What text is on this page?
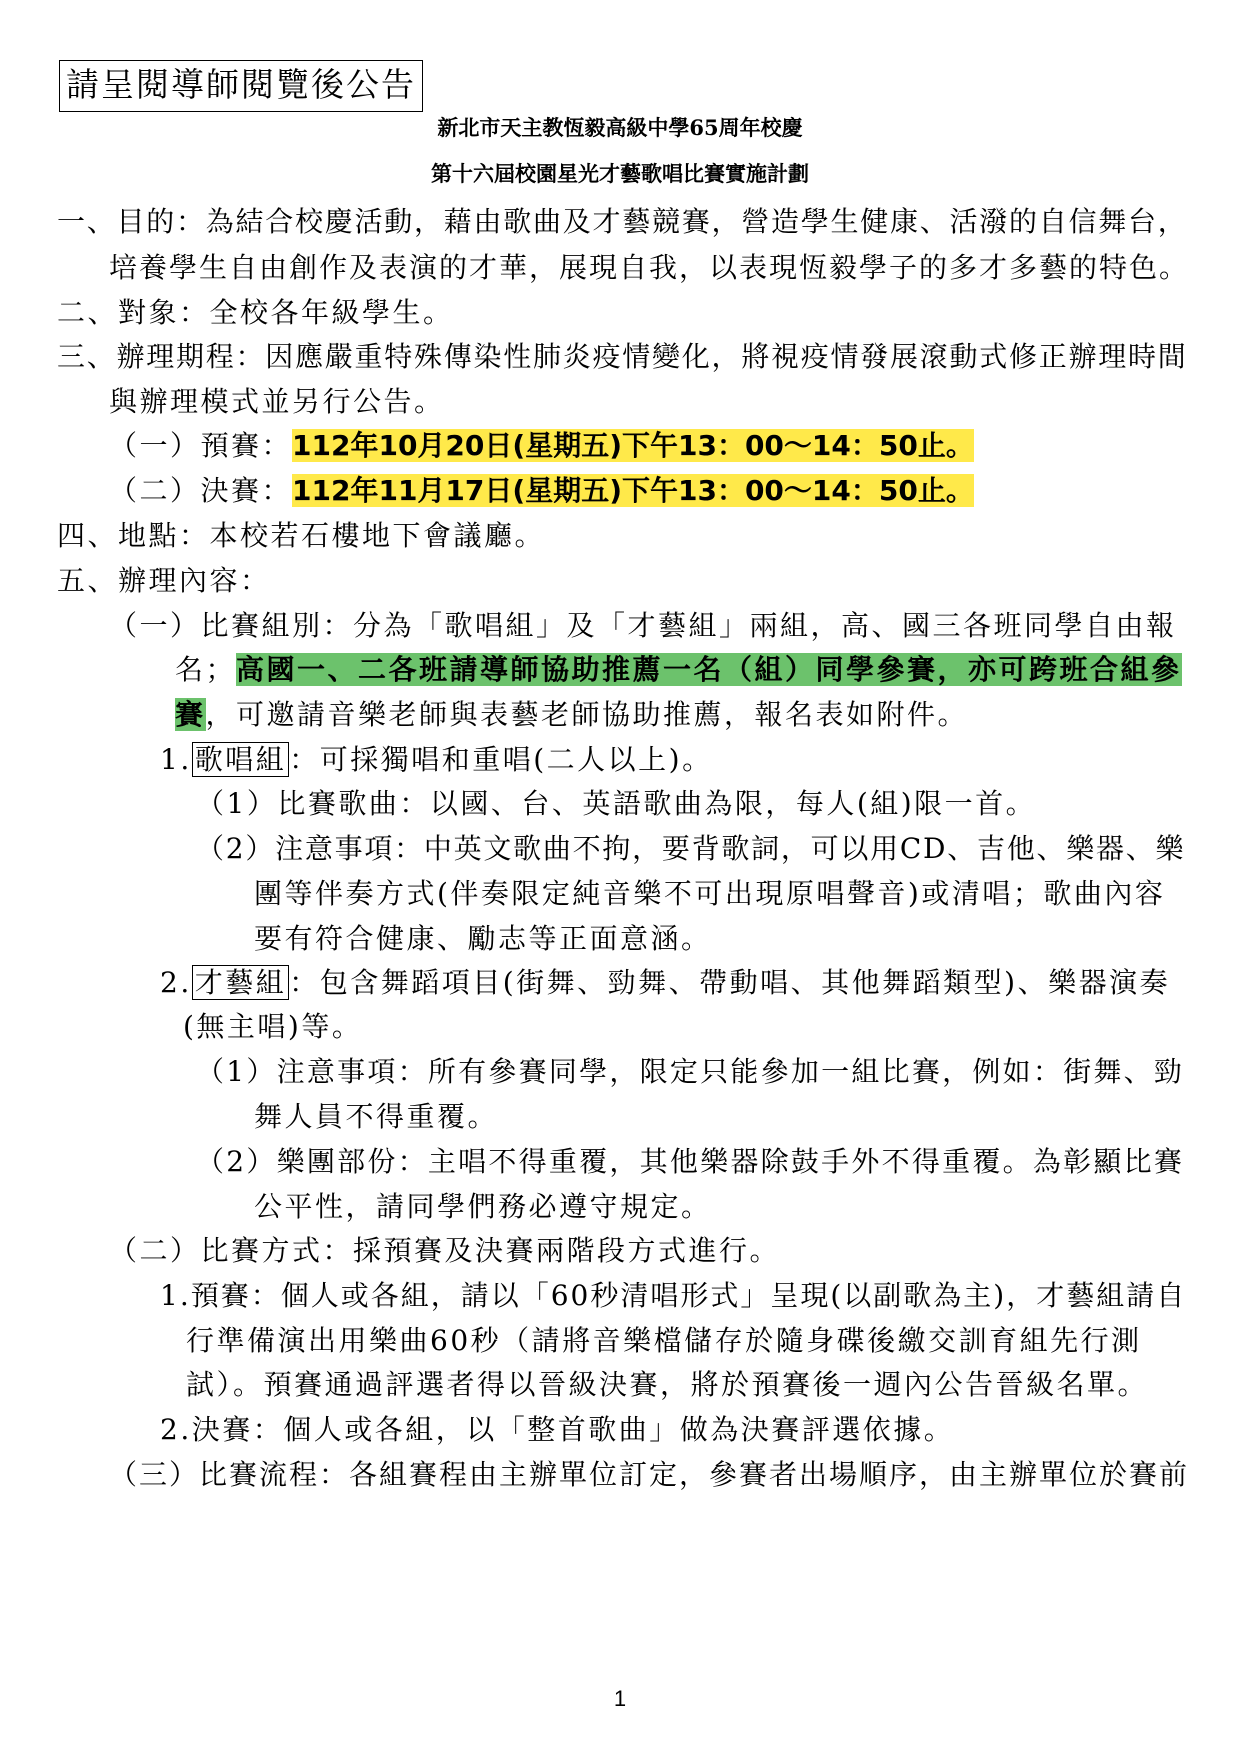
請呈閱導師閱覽後公告
新北市天主教恆毅高級中學65周年校慶
第十六屆校園星光才藝歌唱比賽實施計劃
一、目的：為結合校慶活動，藉由歌曲及才藝競賽，營造學生健康、活潑的自信舞台，
培養學生自由創作及表演的才華，展現自我，以表現恆毅學子的多才多藝的特色。
二、對象：全校各年級學生。
三、辦理期程：因應嚴重特殊傳染性肺炎疫情變化，將視疫情發展滾動式修正辦理時間
與辦理模式並另行公告。
（一）預賽：112年10月20日(星期五)下午13：00～14：50止。
（二）決賽：112年11月17日(星期五)下午13：00～14：50止。
四、地點：本校若石樓地下會議廳。
五、辦理內容：
（一）比賽組別：分為「歌唱組」及「才藝組」兩組，高、國三各班同學自由報
名；高國一、二各班請導師協助推薦一名（組）同學參賽，亦可跨班合組參
賽，可邀請音樂老師與表藝老師協助推薦，報名表如附件。
1. 歌唱組 ：可採獨唱和重唱(二人以上)。
（1）比賽歌曲：以國、台、英語歌曲為限，每人(組)限一首。
（2）注意事項：中英文歌曲不拘，要背歌詞，可以用CD、吉他、樂器、樂
團等伴奏方式(伴奏限定純音樂不可出現原唱聲音)或清唱；歌曲內容
要有符合健康、勵志等正面意涵。
2. 才藝組 ：包含舞蹈項目(街舞、勁舞、帶動唱、其他舞蹈類型)、樂器演奏
(無主唱)等。
（1）注意事項：所有參賽同學，限定只能參加一組比賽，例如：街舞、勁
舞人員不得重覆。
（2）樂團部份：主唱不得重覆，其他樂器除鼓手外不得重覆。為彰顯比賽
公平性，請同學們務必遵守規定。
（二）比賽方式：採預賽及決賽兩階段方式進行。
1.預賽：個人或各組，請以「60秒清唱形式」呈現(以副歌為主)，才藝組請自
行準備演出用樂曲60秒（請將音樂檔儲存於隨身碟後繳交訓育組先行測
試）。預賽通過評選者得以晉級決賽，將於預賽後一週內公告晉級名單。
2.決賽：個人或各組，以「整首歌曲」做為決賽評選依據。
（三）比賽流程：各組賽程由主辦單位訂定，參賽者出場順序，由主辦單位於賽前
1
